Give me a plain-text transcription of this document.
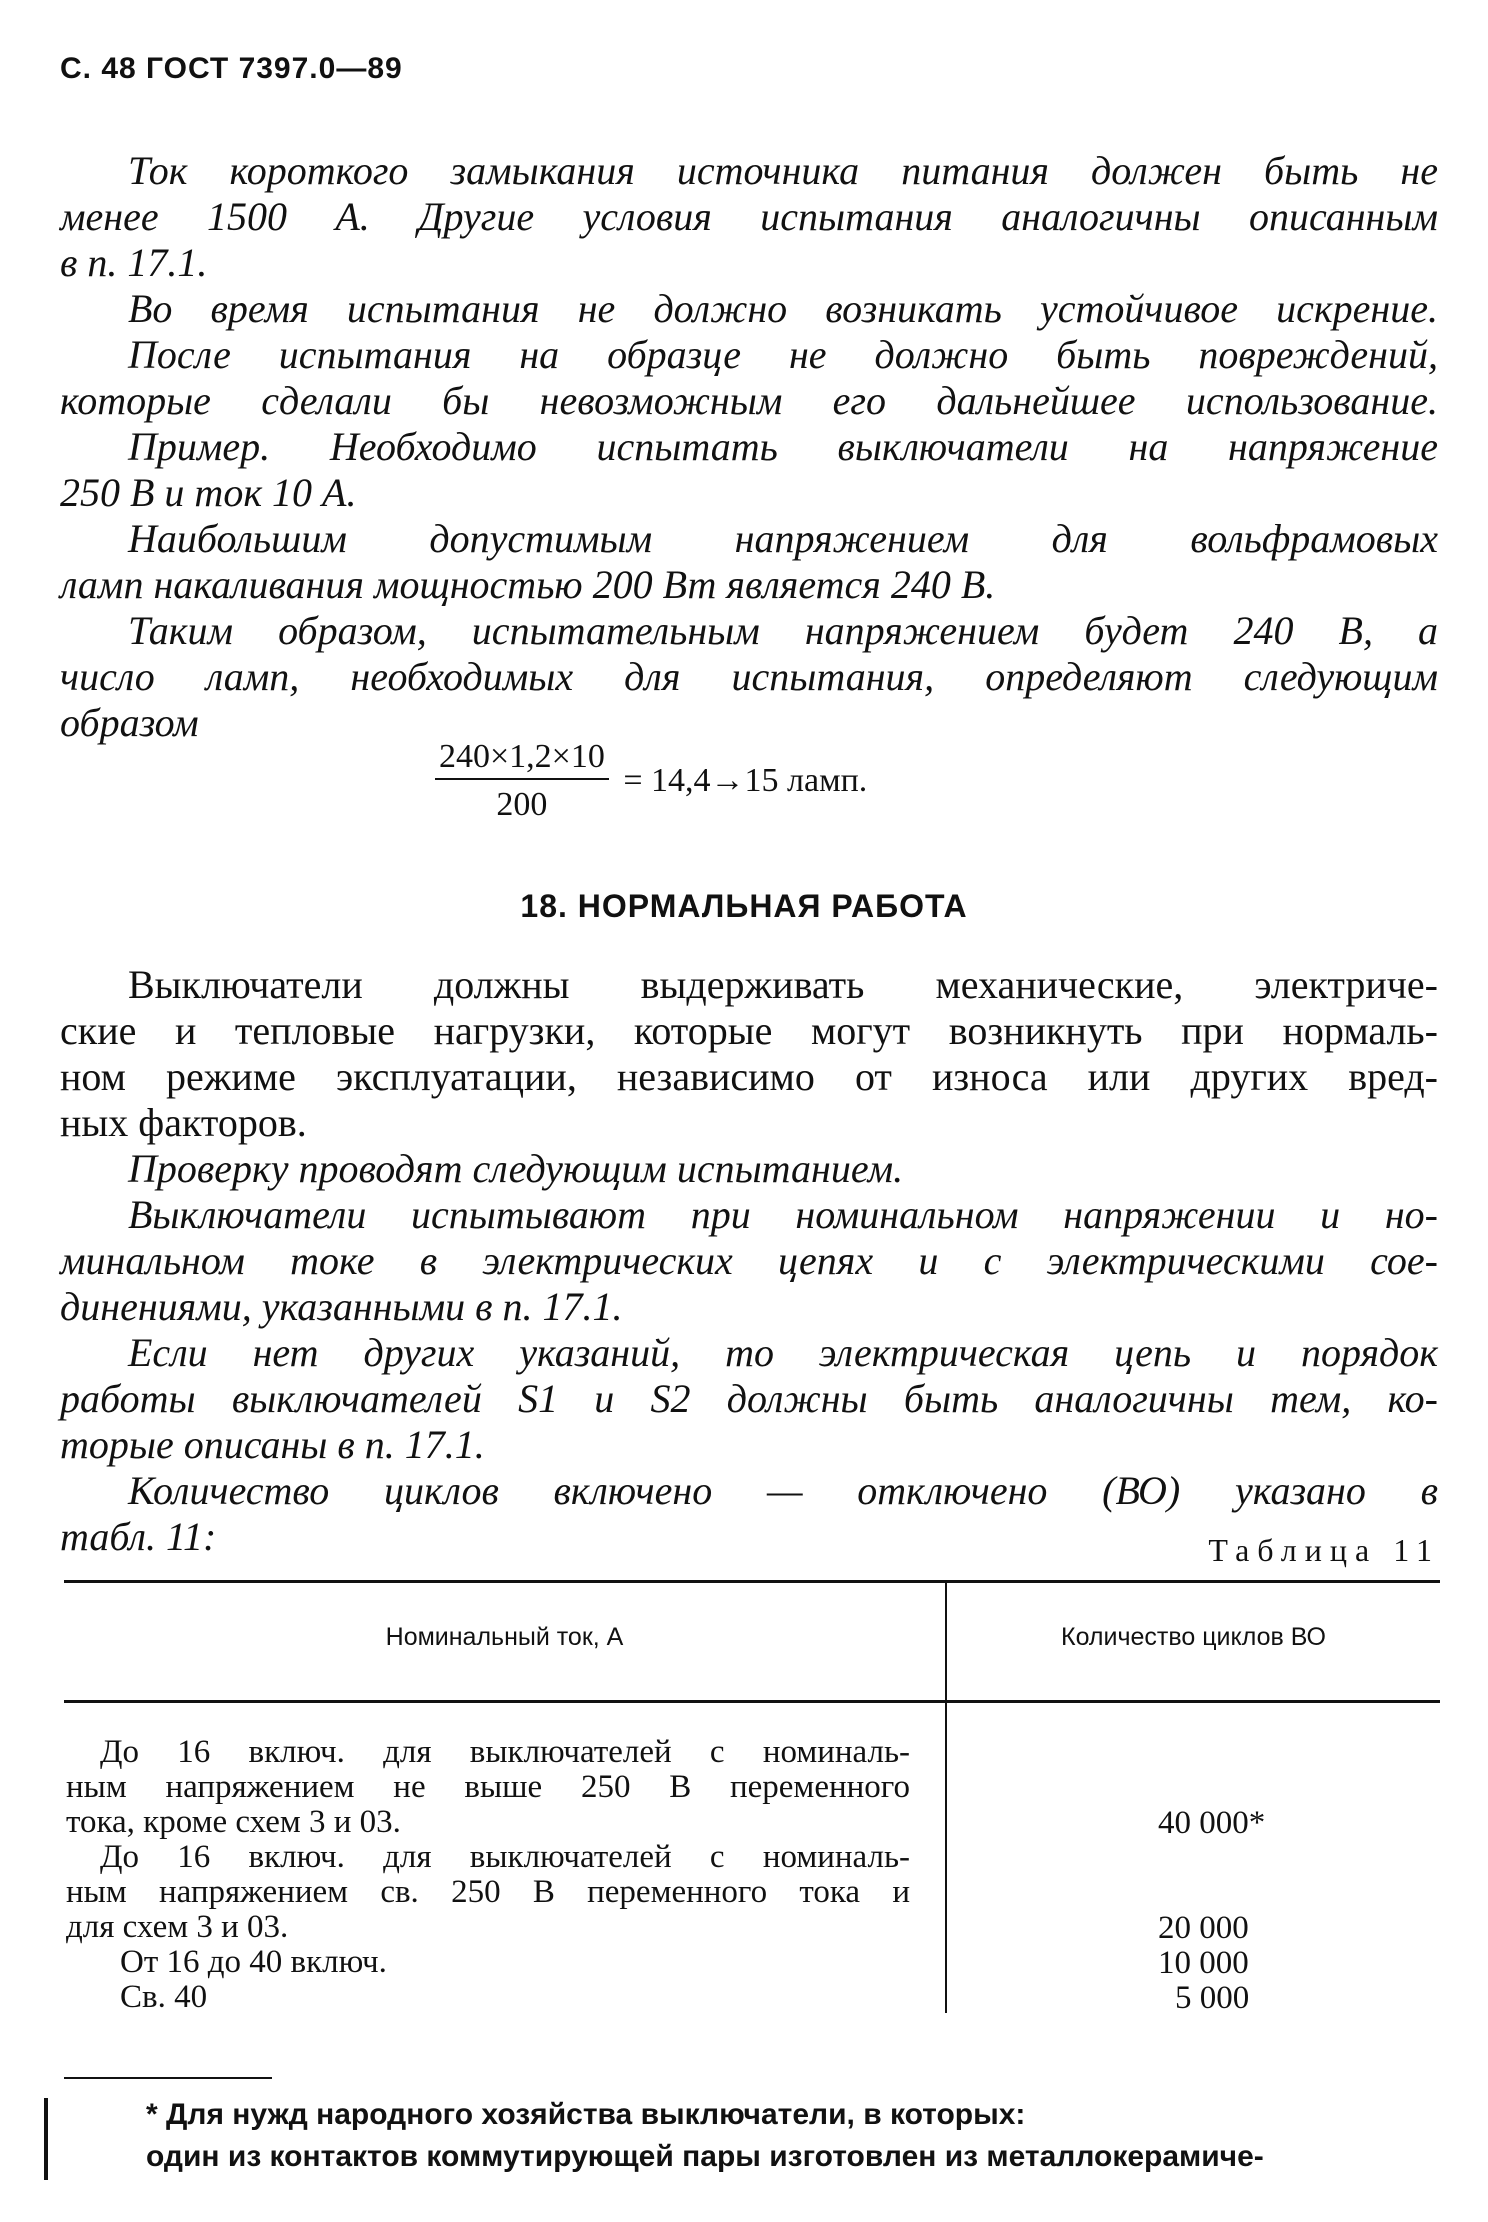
С. 48 ГОСТ 7397.0—89
Ток короткого замыкания источника питания должен быть не
менее 1500 А. Другие условия испытания аналогичны описанным
в п. 17.1.
Во время испытания не должно возникать устойчивое искрение.
После испытания на образце не должно быть повреждений,
которые сделали бы невозможным его дальнейшее использование.
Пример. Необходимо испытать выключатели на напряжение
250 В и ток 10 А.
Наибольшим допустимым напряжением для вольфрамовых
ламп накаливания мощностью 200 Вт является 240 В.
Таким образом, испытательным напряжением будет 240 В, а
число ламп, необходимых для испытания, определяют следующим
образом
$\frac{240\times 1,2\times 10}{200} = 14,4\to 15$ ламп.
18. НОРМАЛЬНАЯ РАБОТА
Выключатели должны выдерживать механические, электриче-
ские и тепловые нагрузки, которые могут возникнуть при нормаль-
ном режиме эксплуатации, независимо от износа или других вред-
ных факторов.
Проверку проводят следующим испытанием.
Выключатели испытывают при номинальном напряжении и но-
минальном токе в электрических цепях и с электрическими сое-
динениями, указанными в п. 17.1.
Если нет других указаний, то электрическая цепь и порядок
работы выключателей S1 и S2 должны быть аналогичны тем, ко-
торые описаны в п. 17.1.
Количество циклов включено — отключено (ВО) указано в
табл. 11:	Таблица 11
Номинальный ток, А	Количество циклов ВО
До 16 включ. для выключателей с номиналь-
ным напряжением не выше 250 В переменного
тока, кроме схем 3 и 03.	40 000*
До 16 включ. для выключателей с номиналь-
ным напряжением св. 250 В переменного тока и
для схем 3 и 03.	20 000
От 16 до 40 включ.	10 000
Св. 40	5 000
* Для нужд народного хозяйства выключатели, в которых:
один из контактов коммутирующей пары изготовлен из металлокерамиче-
